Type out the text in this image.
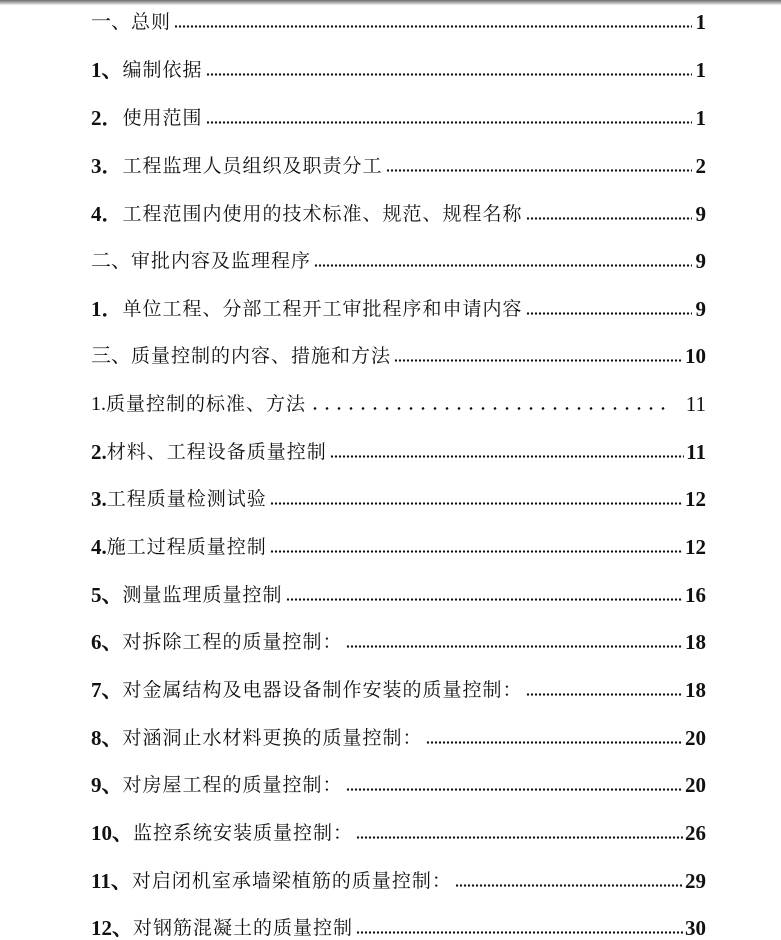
一、 总则	1
1、 编制依据	1
2． 使用范围	1
3． 工程监理人员组织及职责分工	2
4． 工程范围内使用的技术标准、规范、规程名称	9
二、 审批内容及监理程序	9
1． 单位工程、分部工程开工审批程序和申请内容	9
三、 质量控制的内容、措施和方法	10
1. 质量控制的标准、方法	11
2. 材料、工程设备质量控制	11
3. 工程质量检测试验	12
4. 施工过程质量控制	12
5、 测量监理质量控制	16
6、 对拆除工程的质量控制：	18
7、 对金属结构及电器设备制作安装的质量控制：	18
8、 对涵洞止水材料更换的质量控制：	20
9、 对房屋工程的质量控制：	20
10、 监控系统安装质量控制：	26
11、 对启闭机室承墙梁植筋的质量控制：	29
12、 对钢筋混凝土的质量控制	30
